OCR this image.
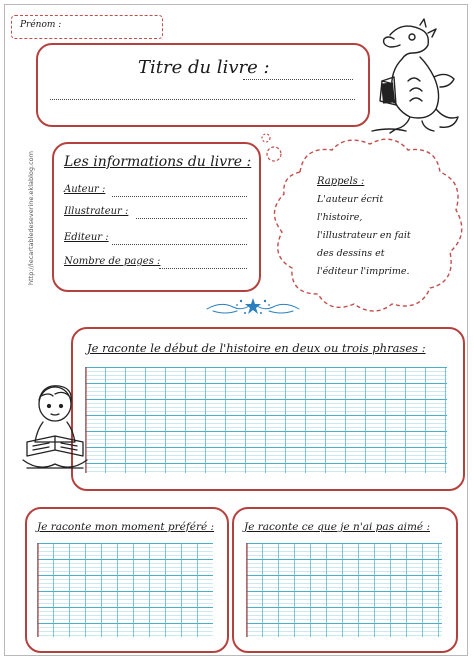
Prénom :
Titre du livre :
Les informations du livre :
Auteur :
Illustrateur :
Editeur :
Nombre de pages :
http://lecartabledeseverine.eklablog.com	Rappels :
L'auteur écrit l'histoire,
l'illustrateur en fait
des dessins et
l'éditeur l'imprime.
Je raconte le début de l'histoire en deux ou trois phrases :
Je raconte mon moment préféré :	Je raconte ce que je n'ai pas aimé :
